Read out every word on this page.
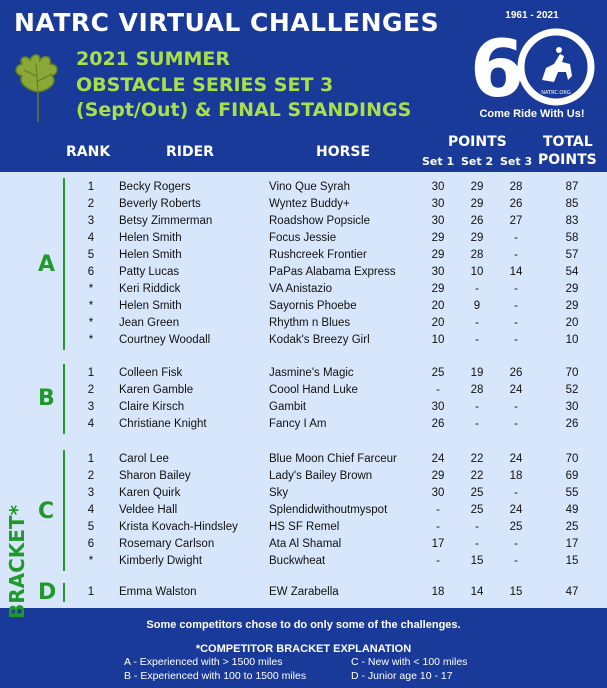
NATRC VIRTUAL CHALLENGES
2021 SUMMER
OBSTACLE SERIES SET 3
(Sept/Out) & FINAL STANDINGS
1961 - 2021
6	NATRC.ORG
Come Ride With Us!
RANK	RIDER	HORSE
POINTS	TOTAL
POINTS
Set 1 Set 2 Set 3
BRACKET*
A
1	Becky Rogers	Vino Que Syrah	30	29	28	87
2	Beverly Roberts	Wyntez Buddy+	30	29	26	85
3	Betsy Zimmerman	Roadshow Popsicle	30	26	27	83
4	Helen Smith	Focus Jessie	29	29	-	58
5	Helen Smith	Rushcreek Frontier	29	28	-	57
6	Patty Lucas	PaPas Alabama Express	30	10	14	54
*	Keri Riddick	VA Anistazio	29	-	-	29
*	Helen Smith	Sayornis Phoebe	20	9	-	29
*	Jean Green	Rhythm n Blues	20	-	-	20
*	Courtney Woodall	Kodak's Breezy Girl	10	-	-	10
B
1	Colleen Fisk	Jasmine's Magic	25	19	26	70
2	Karen Gamble	Coool Hand Luke	-	28	24	52
3	Claire Kirsch	Gambit	30	-	-	30
4	Christiane Knight	Fancy I Am	26	-	-	26
C
1	Carol Lee	Blue Moon Chief Farceur	24	22	24	70
2	Sharon Bailey	Lady's Bailey Brown	29	22	18	69
3	Karen Quirk	Sky	30	25	-	55
4	Veldee Hall	Splendidwithoutmyspot	-	25	24	49
5	Krista Kovach-Hindsley	HS SF Remel	-	-	25	25
6	Rosemary Carlson	Ata Al Shamal	17	-	-	17
*	Kimberly Dwight	Buckwheat	-	15	-	15
D	1	Emma Walston	EW Zarabella	18	14	15	47
Some competitors chose to do only some of the challenges.
*COMPETITOR BRACKET EXPLANATION
A - Experienced with > 1500 miles
B - Experienced with 100 to 1500 miles
C - New with < 100 miles
D - Junior age 10 - 17
